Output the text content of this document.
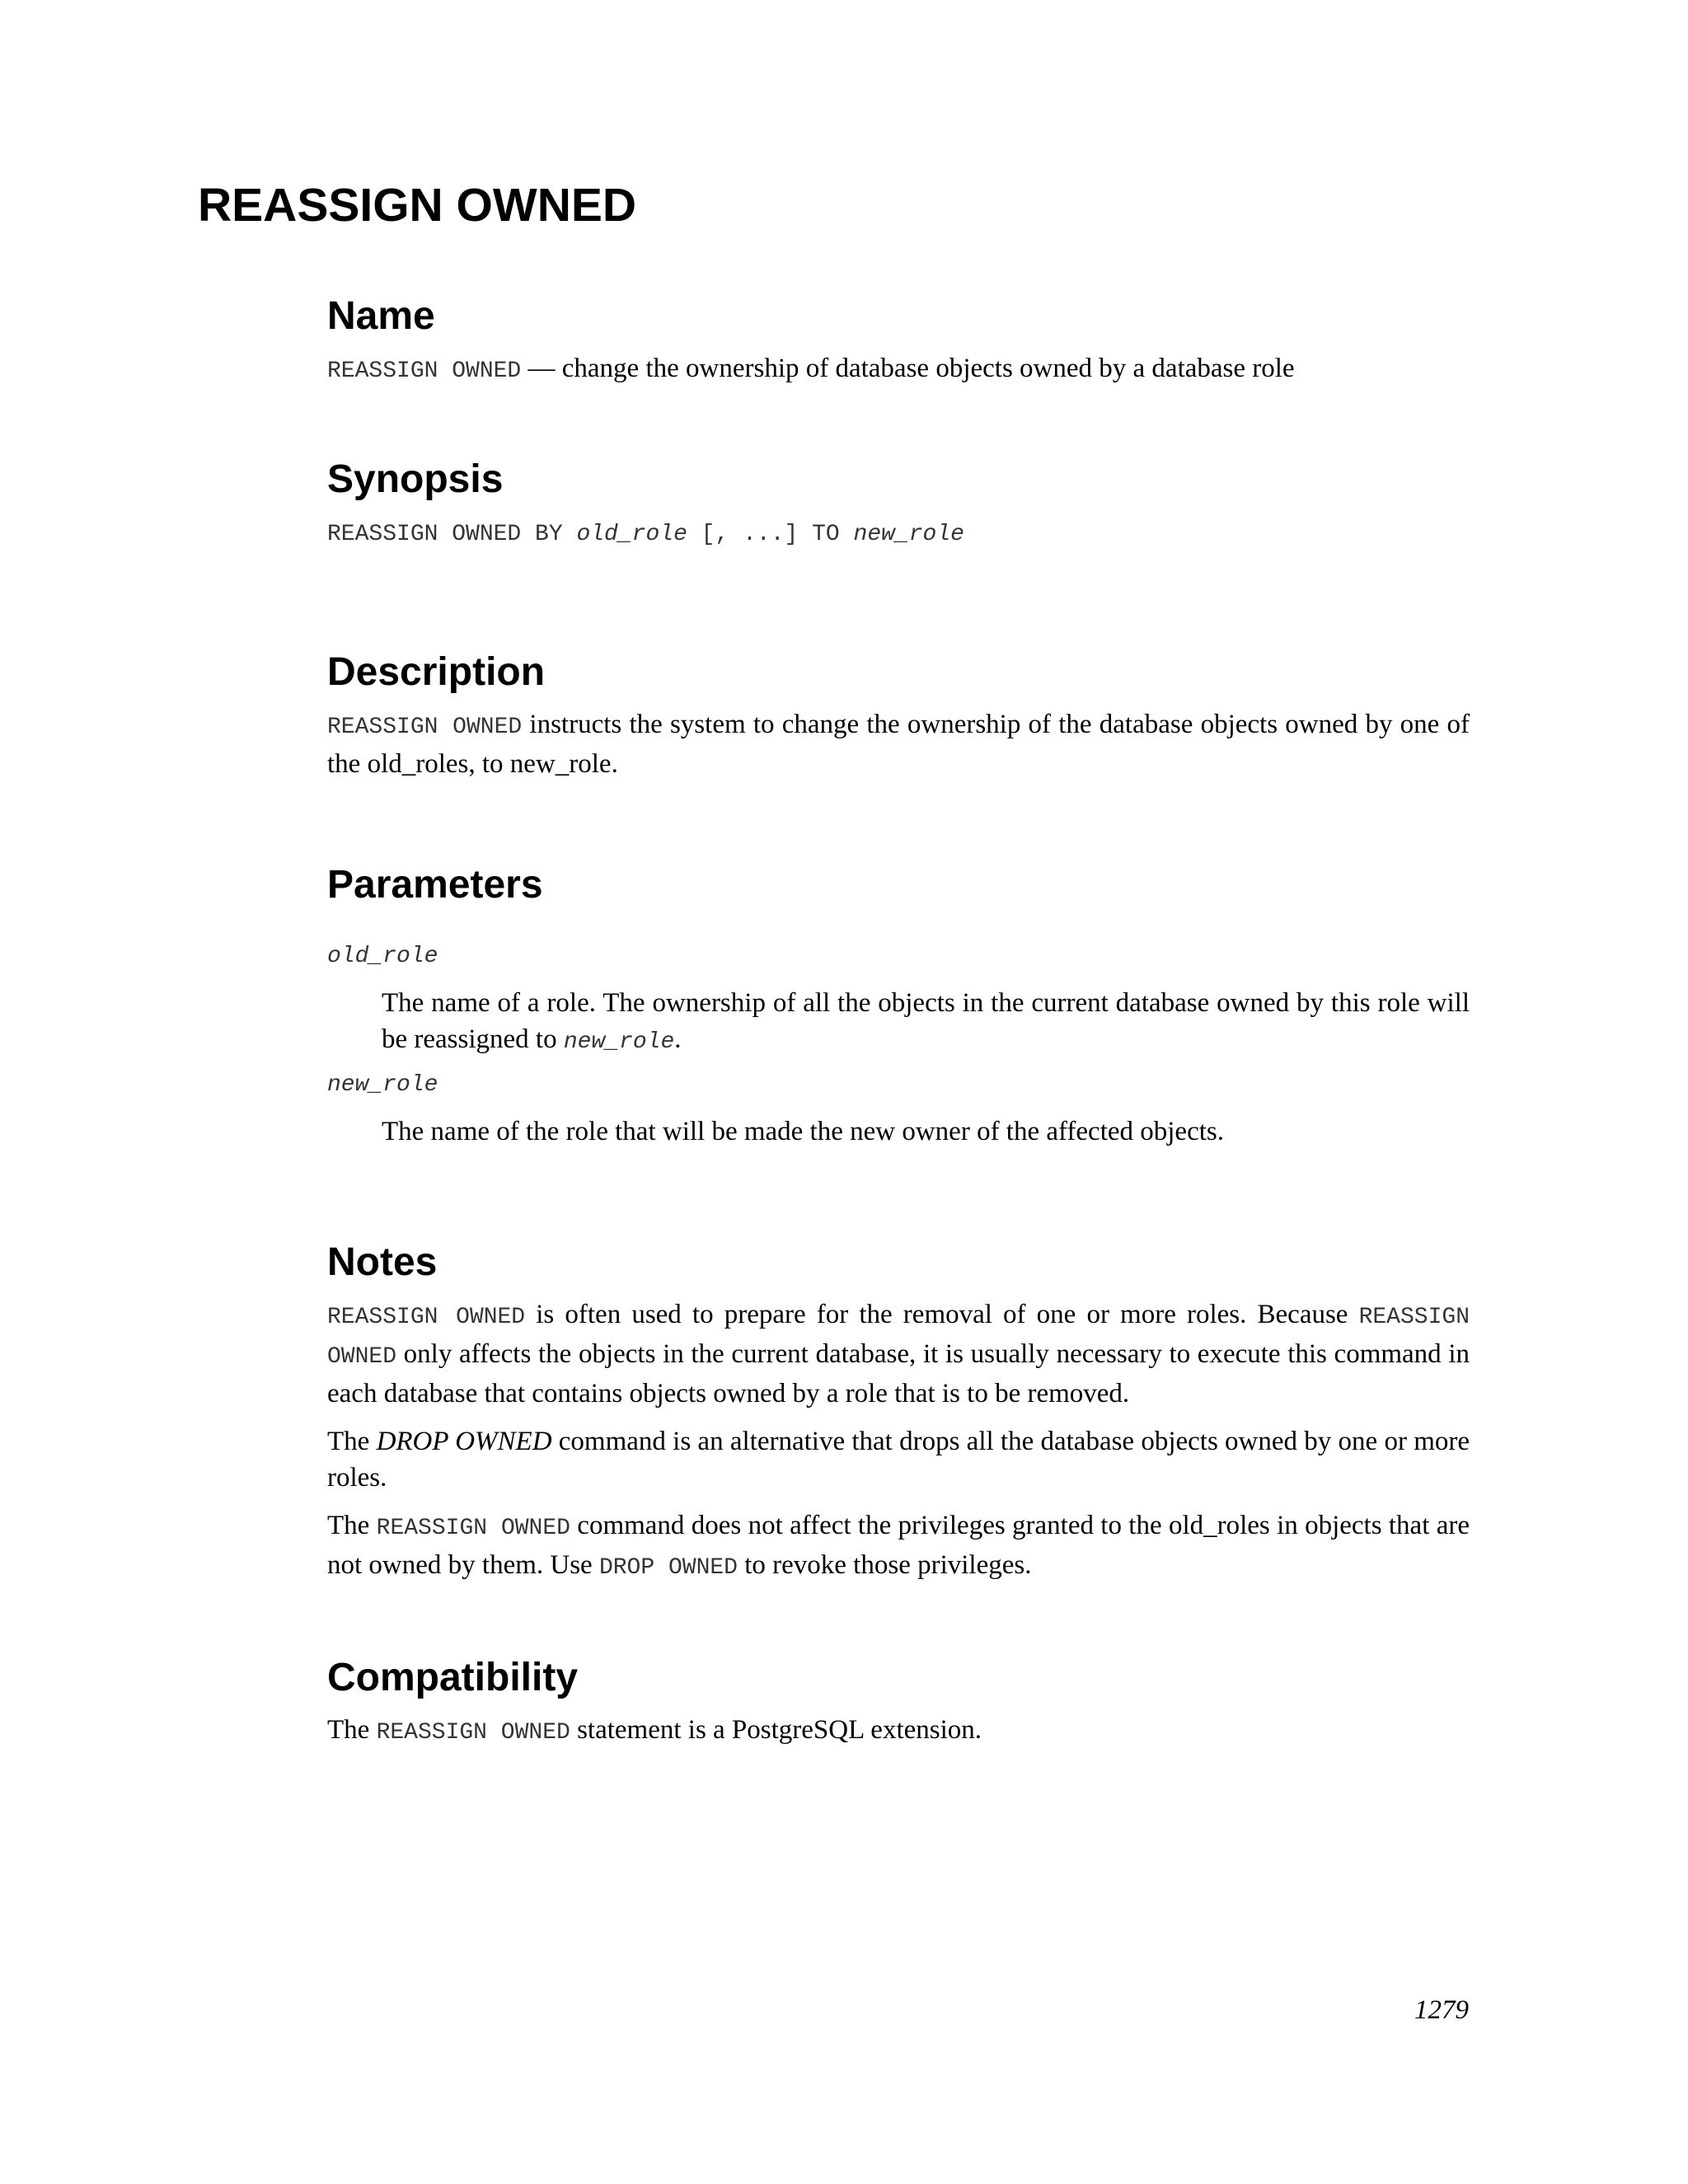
REASSIGN OWNED
Name

REASSIGN OWNED — change the ownership of database objects owned by a database role

Synopsis

REASSIGN OWNED BY old_role [, ...] TO new_role

Description

REASSIGN OWNED instructs the system to change the ownership of the database objects owned by one of the old_roles, to new_role.

Parameters

old_role

The name of a role. The ownership of all the objects in the current database owned by this role will be reassigned to new_role.

new_role

The name of the role that will be made the new owner of the affected objects.

Notes

REASSIGN OWNED is often used to prepare for the removal of one or more roles. Because REASSIGN OWNED only affects the objects in the current database, it is usually necessary to execute this command in each database that contains objects owned by a role that is to be removed.

The DROP OWNED command is an alternative that drops all the database objects owned by one or more roles.

The REASSIGN OWNED command does not affect the privileges granted to the old_roles in objects that are not owned by them. Use DROP OWNED to revoke those privileges.

Compatibility

The REASSIGN OWNED statement is a PostgreSQL extension.

1279
